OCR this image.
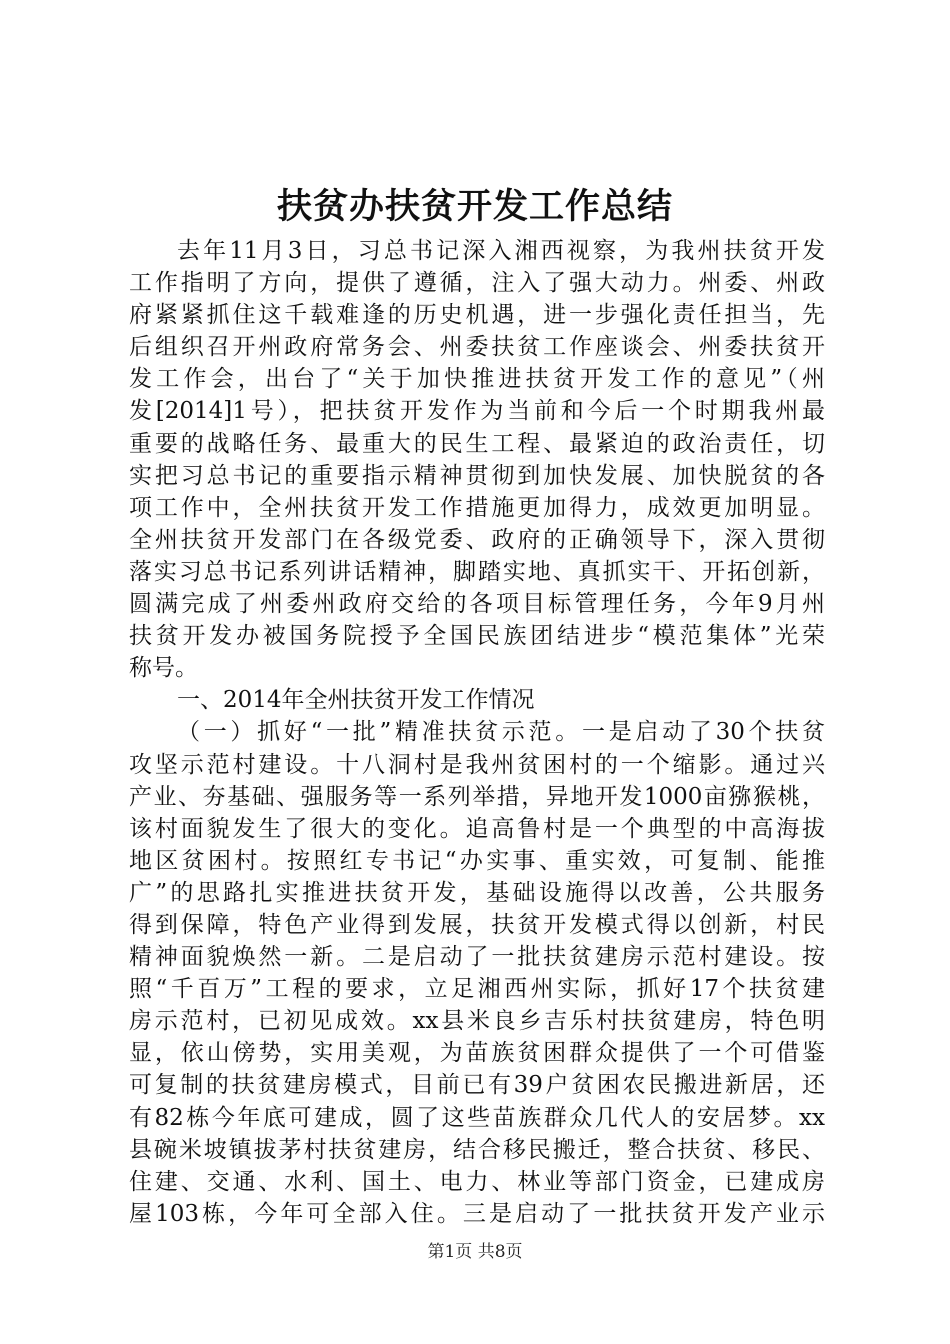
扶贫办扶贫开发工作总结
去年11月3日，习总书记深入湘西视察，为我州扶贫开发
工作指明了方向，提供了遵循，注入了强大动力。州委、州政
府紧紧抓住这千载难逢的历史机遇，进一步强化责任担当，先
后组织召开州政府常务会、州委扶贫工作座谈会、州委扶贫开
发工作会，出台了“关于加快推进扶贫开发工作的意见”（州
发[2014]1号），把扶贫开发作为当前和今后一个时期我州最
重要的战略任务、最重大的民生工程、最紧迫的政治责任，切
实把习总书记的重要指示精神贯彻到加快发展、加快脱贫的各
项工作中，全州扶贫开发工作措施更加得力，成效更加明显。
全州扶贫开发部门在各级党委、政府的正确领导下，深入贯彻
落实习总书记系列讲话精神，脚踏实地、真抓实干、开拓创新，
圆满完成了州委州政府交给的各项目标管理任务，今年9月州
扶贫开发办被国务院授予全国民族团结进步“模范集体”光荣
称号。
一、2014年全州扶贫开发工作情况
（一）抓好“一批”精准扶贫示范。一是启动了30个扶贫
攻坚示范村建设。十八洞村是我州贫困村的一个缩影。通过兴
产业、夯基础、强服务等一系列举措，异地开发1000亩猕猴桃，
该村面貌发生了很大的变化。追高鲁村是一个典型的中高海拔
地区贫困村。按照红专书记“办实事、重实效，可复制、能推
广”的思路扎实推进扶贫开发，基础设施得以改善，公共服务
得到保障，特色产业得到发展，扶贫开发模式得以创新，村民
精神面貌焕然一新。二是启动了一批扶贫建房示范村建设。按
照“千百万”工程的要求，立足湘西州实际，抓好17个扶贫建
房示范村，已初见成效。xx县米良乡吉乐村扶贫建房，特色明
显，依山傍势，实用美观，为苗族贫困群众提供了一个可借鉴
可复制的扶贫建房模式，目前已有39户贫困农民搬进新居，还
有82栋今年底可建成，圆了这些苗族群众几代人的安居梦。xx
县碗米坡镇拔茅村扶贫建房，结合移民搬迁，整合扶贫、移民、
住建、交通、水利、国土、电力、林业等部门资金，已建成房
屋103栋，今年可全部入住。三是启动了一批扶贫开发产业示
第1页 共8页
